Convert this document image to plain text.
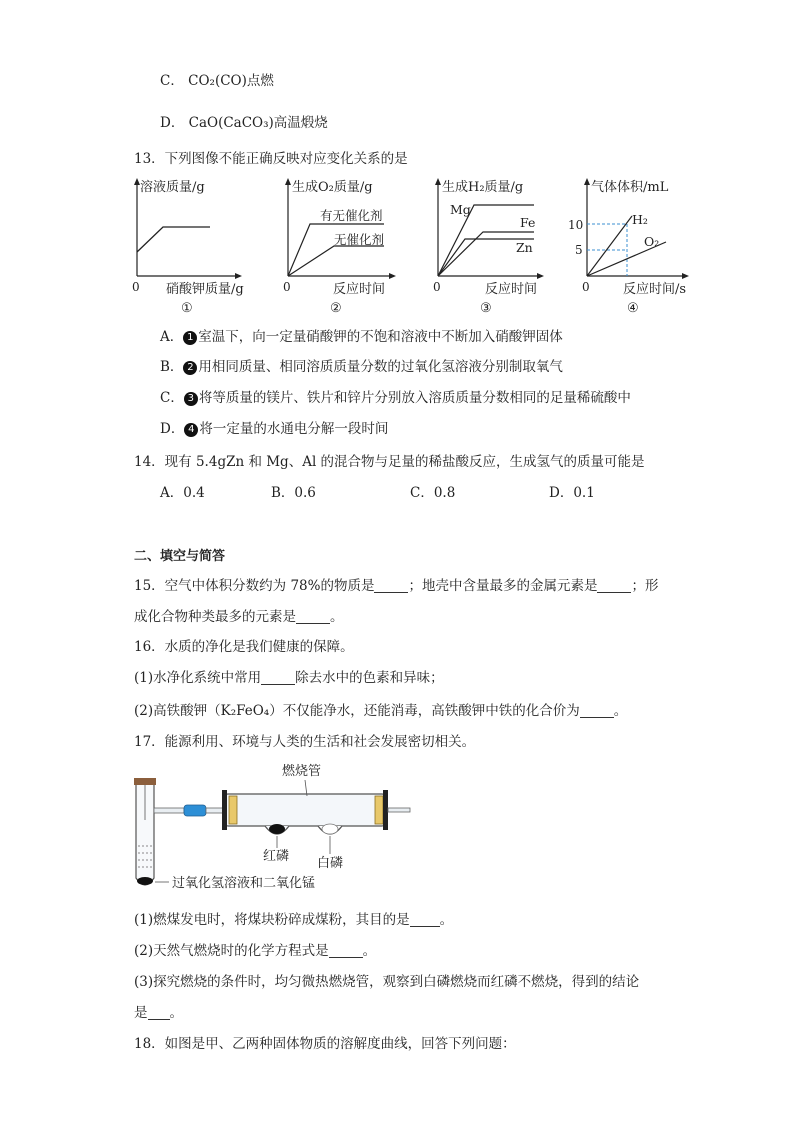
C． CO₂(CO)点燃
D． CaO(CaCO₃)高温煅烧
13．下列图像不能正确反映对应变化关系的是
溶液质量/g
0 硝酸钾质量/g
①
生成O₂质量/g
有无催化剂
无催化剂
0	反应时间
②
生成H₂质量/g
Mg
Fe
Zn
0	反应时间
③
气体体积/mL
10
5
H₂
O₂
0	反应时间/s
④
A． 1 室温下，向一定量硝酸钾的不饱和溶液中不断加入硝酸钾固体
B． 2 用相同质量、相同溶质质量分数的过氧化氢溶液分别制取氧气
C． 3 将等质量的镁片、铁片和锌片分别放入溶质质量分数相同的足量稀硫酸中
D． 4 将一定量的水通电分解一段时间
14．现有 5.4gZn 和 Mg、Al 的混合物与足量的稀盐酸反应，生成氢气的质量可能是
A．0.4	B．0.6	C．0.8	D．0.1
二、填空与简答
15．空气中体积分数约为 78%的物质是	；地壳中含量最多的金属元素是	；形
成化合物种类最多的元素是	。
16．水质的净化是我们健康的保障。
(1)水净化系统中常用	除去水中的色素和异味；
(2)高铁酸钾（K₂FeO₄）不仅能净水，还能消毒，高铁酸钾中铁的化合价为	。
17．能源利用、环境与人类的生活和社会发展密切相关。
燃烧管
红磷 白磷
过氧化氢溶液和二氧化锰
(1)燃煤发电时，将煤块粉碎成煤粉，其目的是 。
(2)天然气燃烧时的化学方程式是	。
(3)探究燃烧的条件时，均匀微热燃烧管，观察到白磷燃烧而红磷不燃烧，得到的结论
是 。
18．如图是甲、乙两种固体物质的溶解度曲线，回答下列问题：
